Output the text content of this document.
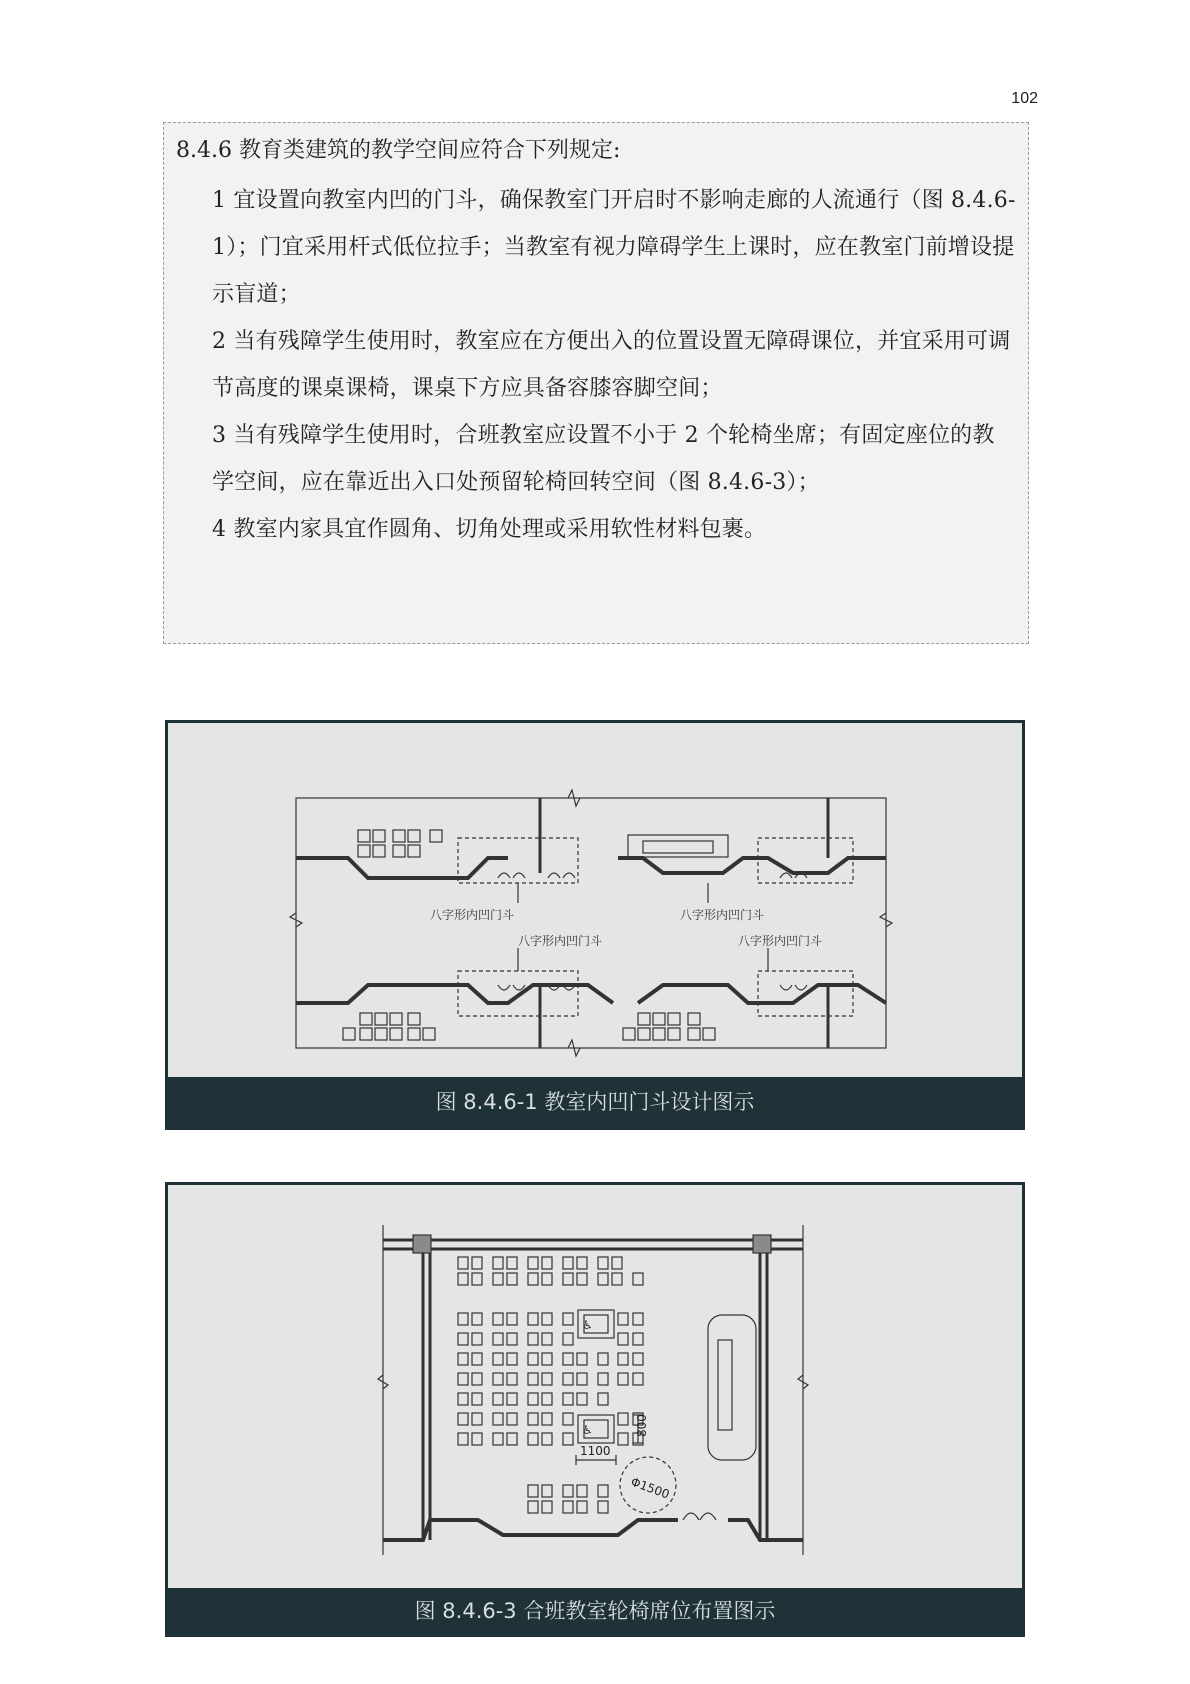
102
8.4.6 教育类建筑的教学空间应符合下列规定:
1 宜设置向教室内凹的门斗，确保教室门开启时不影响走廊的人流通行（图 8.4.6-1）；门宜采用杆式低位拉手；当教室有视力障碍学生上课时，应在教室门前增设提示盲道；
2 当有残障学生使用时，教室应在方便出入的位置设置无障碍课位，并宜采用可调节高度的课桌课椅，课桌下方应具备容膝容脚空间；
3 当有残障学生使用时，合班教室应设置不小于 2 个轮椅坐席；有固定座位的教学空间，应在靠近出入口处预留轮椅回转空间（图 8.4.6-3）；
4 教室内家具宜作圆角、切角处理或采用软性材料包裹。
八字形内凹门斗	八字形内凹门斗
八字形内凹门斗	八字形内凹门斗
图 8.4.6-1 教室内凹门斗设计图示
♿
♿
1100
800
Φ1500
图 8.4.6-3 合班教室轮椅席位布置图示
